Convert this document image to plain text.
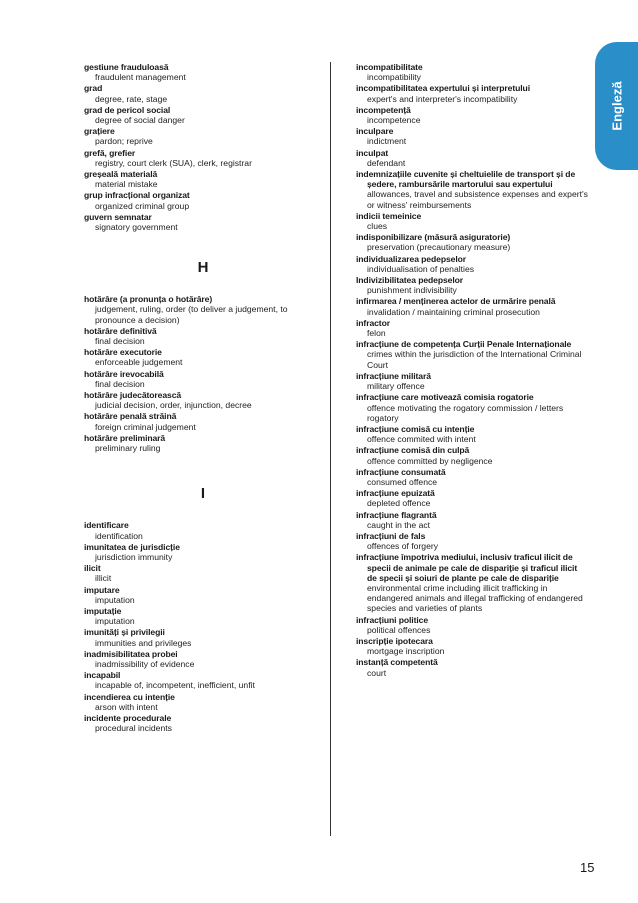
Engleză
gestiune frauduloasă
fraudulent management
grad
degree, rate, stage
grad de pericol social
degree of social danger
grațiere
pardon; reprive
grefă, grefier
registry, court clerk (SUA), clerk, registrar
greșeală materială
material mistake
grup infracțional organizat
organized criminal group
guvern semnatar
signatory government
H
hotărâre (a pronunța o hotărâre)
judgement, ruling, order (to deliver a judgement, to pronounce a decision)
hotărâre definitivă
final decision
hotărâre executorie
enforceable judgement
hotărâre irevocabilă
final decision
hotărâre judecătorească
judicial decision, order, injunction, decree
hotărâre penală străină
foreign criminal judgement
hotărâre preliminară
preliminary ruling
I
identificare
identification
imunitatea de jurisdicție
jurisdiction immunity
ilicit
illicit
imputare
imputation
imputație
imputation
imunități și privilegii
immunities and privileges
inadmisibilitatea probei
inadmissibility of evidence
incapabil
incapable of, incompetent, inefficient, unfit
incendierea cu intenție
arson with intent
incidente procedurale
procedural incidents
incompatibilitate
incompatibility
incompatibilitatea expertului și interpretului
expert's and interpreter's incompatibility
incompetență
incompetence
inculpare
indictment
inculpat
defendant
indemnizațiile cuvenite și cheltuielile de transport și de ședere, rambursările martorului sau expertului
allowances, travel and subsistence expenses and expert's or witness' reimbursements
indicii temeinice
clues
indisponibilizare (măsură asiguratorie)
preservation (precautionary measure)
individualizarea pedepselor
individualisation of penalties
Indivizibilitatea pedepselor
punishment indivisibility
infirmarea / menținerea actelor de urmărire penală
invalidation / maintaining criminal prosecution
infractor
felon
infracțiune de competența Curții Penale Internaționale
crimes within the jurisdiction of the International Criminal Court
infracțiune militară
military offence
infracțiune care motivează comisia rogatorie
offence motivating the rogatory commission / letters rogatory
infracțiune comisă cu intenție
offence commited with intent
infracțiune comisă din culpă
offence committed by negligence
infracțiune consumată
consumed offence
infracțiune epuizată
depleted offence
infracțiune flagrantă
caught in the act
infracțiuni de fals
offences of forgery
infracțiune împotriva mediului, inclusiv traficul ilicit de specii de animale pe cale de dispariție și traficul ilicit de specii și soiuri de plante pe cale de dispariție
environmental crime including illicit trafficking in endangered animals and illegal trafficking of endangered species and varieties of plants
infracțiuni politice
political offences
inscripție ipotecara
mortgage inscription
instanță competentă
court
15
